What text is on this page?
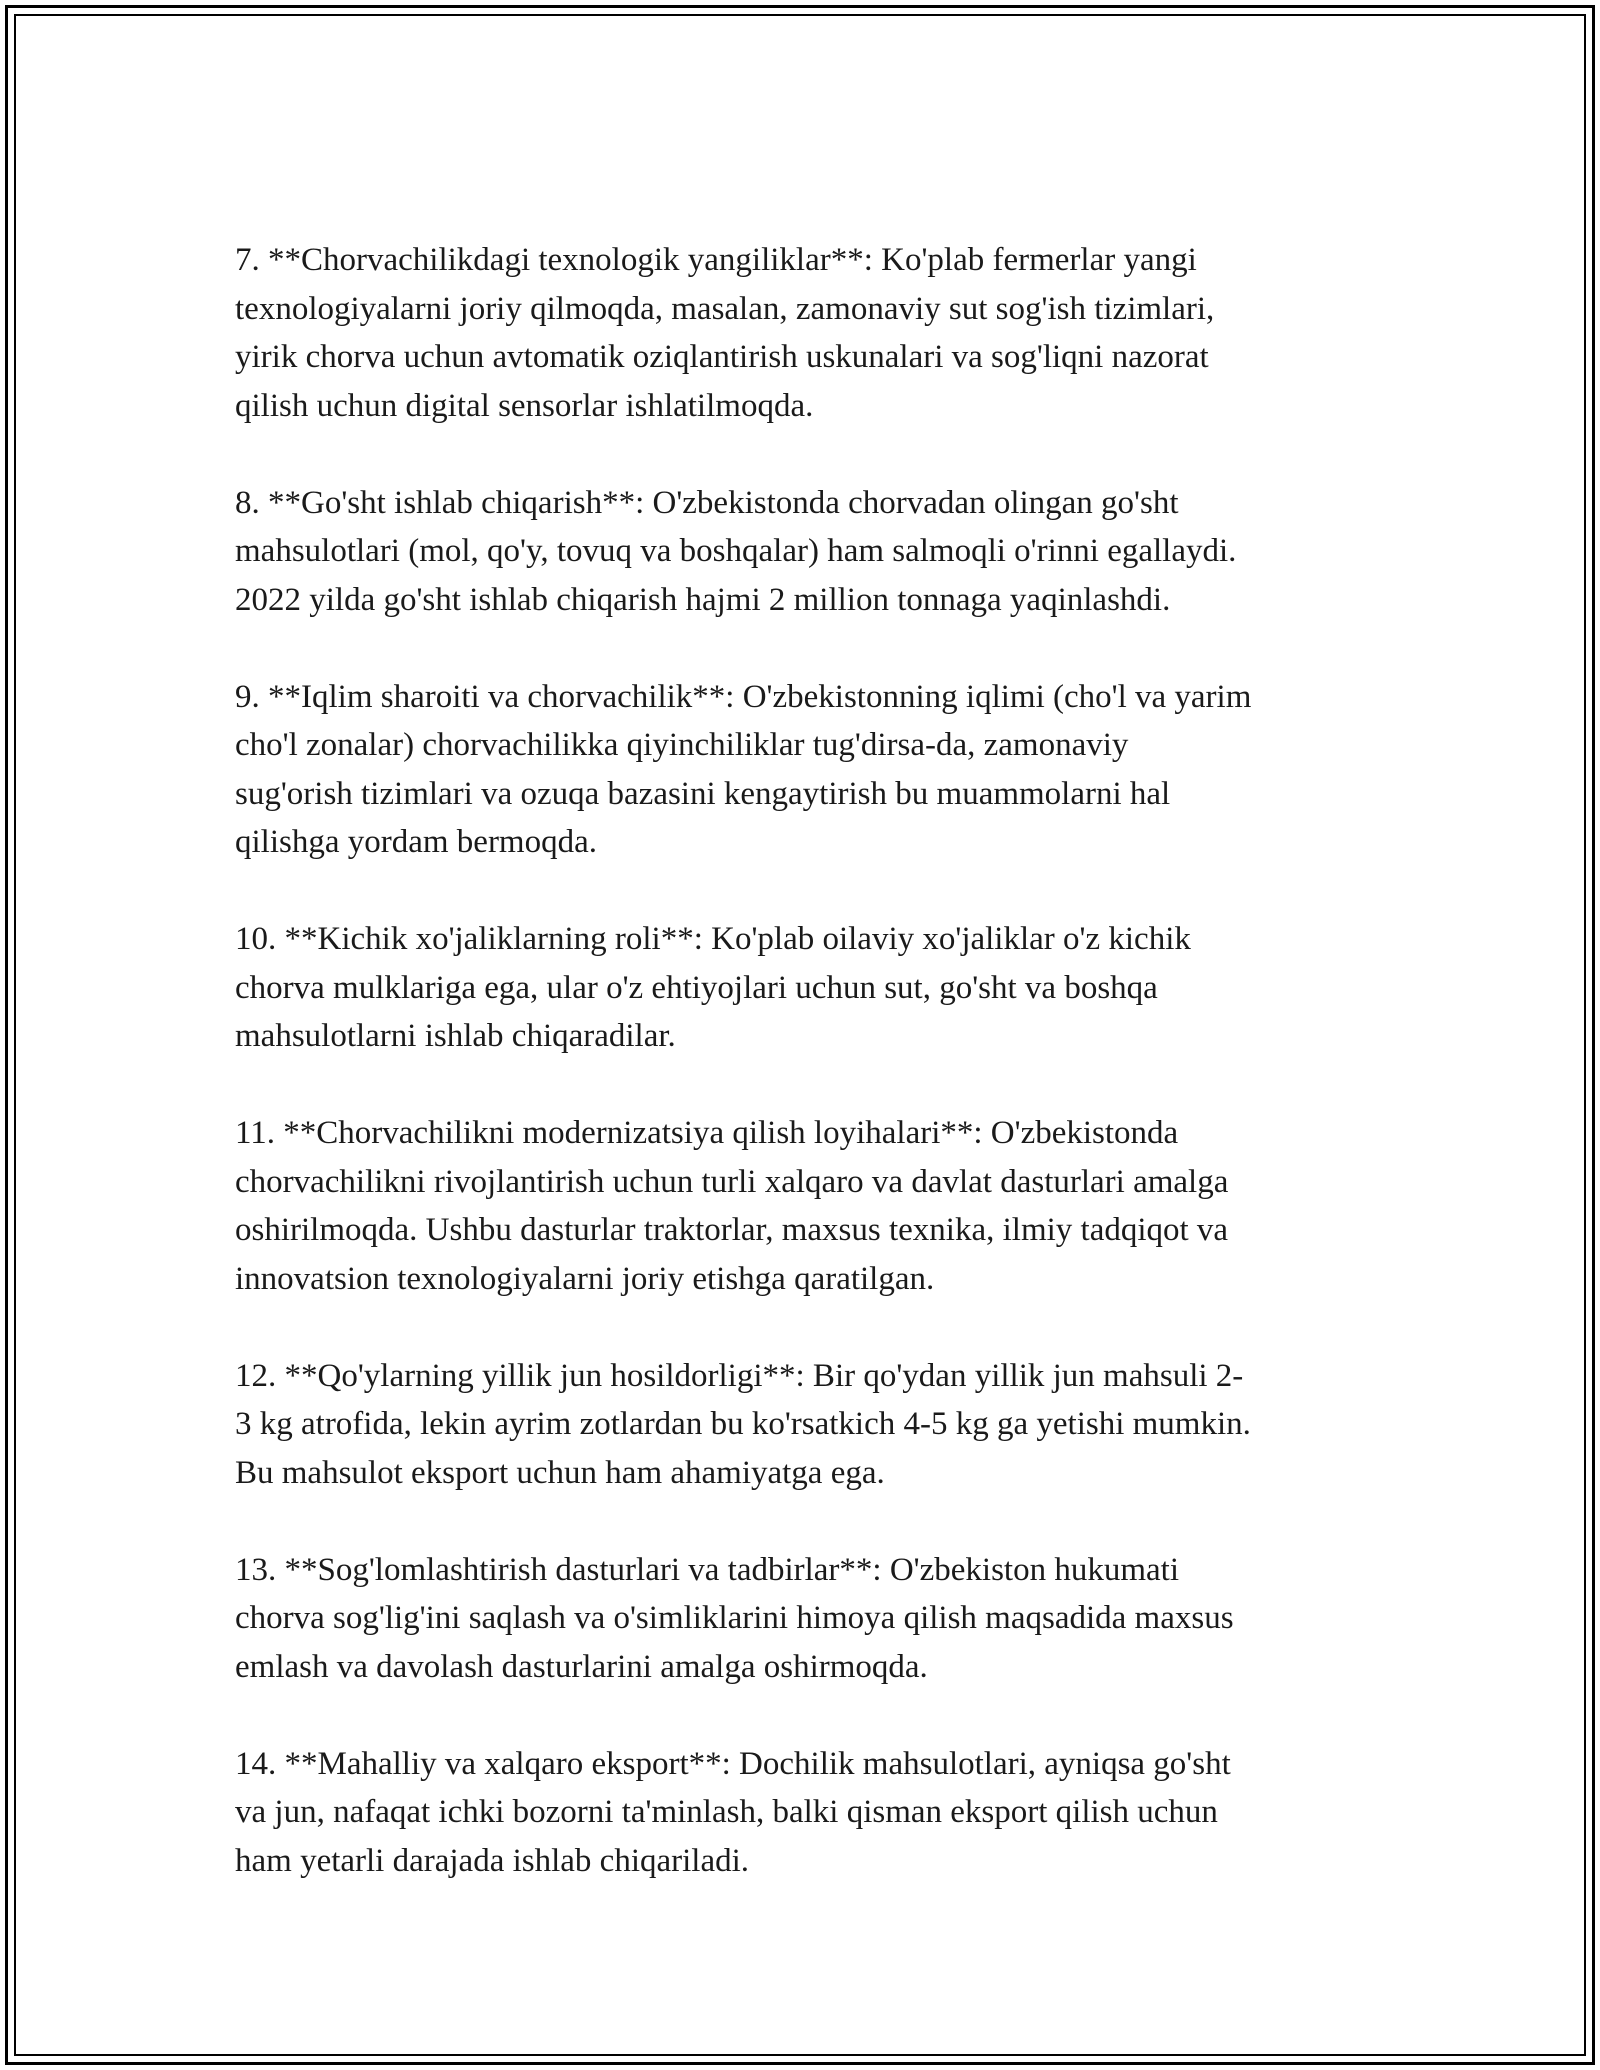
7. **Chorvachilikdagi texnologik yangiliklar**: Ko'plab fermerlar yangi
texnologiyalarni joriy qilmoqda, masalan, zamonaviy sut sog'ish tizimlari,
yirik chorva uchun avtomatik oziqlantirish uskunalari va sog'liqni nazorat
qilish uchun digital sensorlar ishlatilmoqda.

8. **Go'sht ishlab chiqarish**: O'zbekistonda chorvadan olingan go'sht
mahsulotlari (mol, qo'y, tovuq va boshqalar) ham salmoqli o'rinni egallaydi.
2022 yilda go'sht ishlab chiqarish hajmi 2 million tonnaga yaqinlashdi.

9. **Iqlim sharoiti va chorvachilik**: O'zbekistonning iqlimi (cho'l va yarim
cho'l zonalar) chorvachilikka qiyinchiliklar tug'dirsa-da, zamonaviy
sug'orish tizimlari va ozuqa bazasini kengaytirish bu muammolarni hal
qilishga yordam bermoqda.

10. **Kichik xo'jaliklarning roli**: Ko'plab oilaviy xo'jaliklar o'z kichik
chorva mulklariga ega, ular o'z ehtiyojlari uchun sut, go'sht va boshqa
mahsulotlarni ishlab chiqaradilar.

11. **Chorvachilikni modernizatsiya qilish loyihalari**: O'zbekistonda
chorvachilikni rivojlantirish uchun turli xalqaro va davlat dasturlari amalga
oshirilmoqda. Ushbu dasturlar traktorlar, maxsus texnika, ilmiy tadqiqot va
innovatsion texnologiyalarni joriy etishga qaratilgan.

12. **Qo'ylarning yillik jun hosildorligi**: Bir qo'ydan yillik jun mahsuli 2-
3 kg atrofida, lekin ayrim zotlardan bu ko'rsatkich 4-5 kg ga yetishi mumkin.
Bu mahsulot eksport uchun ham ahamiyatga ega.

13. **Sog'lomlashtirish dasturlari va tadbirlar**: O'zbekiston hukumati
chorva sog'lig'ini saqlash va o'simliklarini himoya qilish maqsadida maxsus
emlash va davolash dasturlarini amalga oshirmoqda.

14. **Mahalliy va xalqaro eksport**: Dochilik mahsulotlari, ayniqsa go'sht
va jun, nafaqat ichki bozorni ta'minlash, balki qisman eksport qilish uchun
ham yetarli darajada ishlab chiqariladi.
